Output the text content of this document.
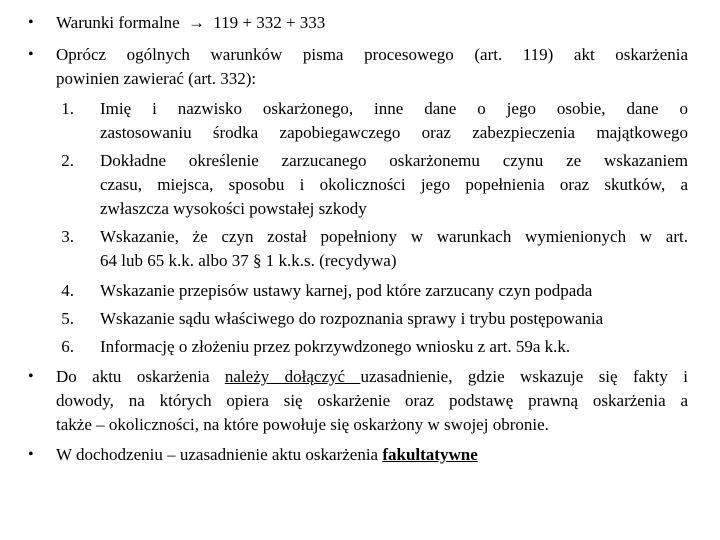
•	Warunki formalne → 119 + 332 + 333
•	Oprócz ogólnych warunków pisma procesowego (art. 119) akt oskarżenia
powinien zawierać (art. 332):
1. Imię i nazwisko oskarżonego, inne dane o jego osobie, dane o
zastosowaniu środka zapobiegawczego oraz zabezpieczenia majątkowego
2. Dokładne określenie zarzucanego oskarżonemu czynu ze wskazaniem
czasu, miejsca, sposobu i okoliczności jego popełnienia oraz skutków, a
zwłaszcza wysokości powstałej szkody
3. Wskazanie, że czyn został popełniony w warunkach wymienionych w art.
64 lub 65 k.k. albo 37 § 1 k.k.s. (recydywa)
4. Wskazanie przepisów ustawy karnej, pod które zarzucany czyn podpada
5. Wskazanie sądu właściwego do rozpoznania sprawy i trybu postępowania
6. Informację o złożeniu przez pokrzywdzonego wniosku z art. 59a k.k.
•	Do aktu oskarżenia należy dołączyć uzasadnienie, gdzie wskazuje się fakty i
dowody, na których opiera się oskarżenie oraz podstawę prawną oskarżenia a
także – okoliczności, na które powołuje się oskarżony w swojej obronie.
•	W dochodzeniu – uzasadnienie aktu oskarżenia fakultatywne
